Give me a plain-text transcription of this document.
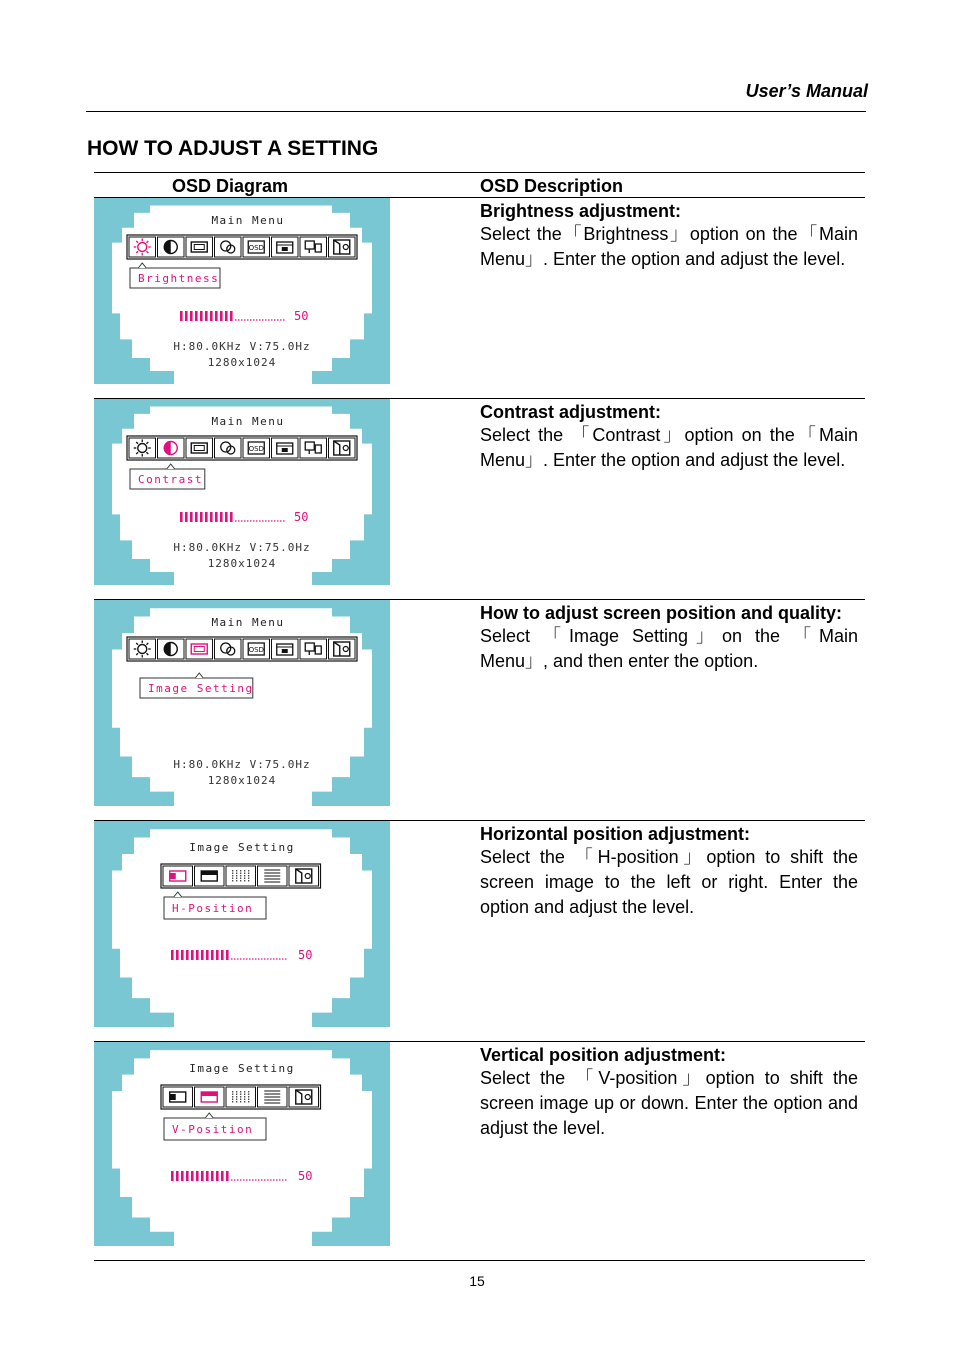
User’s Manual
HOW TO ADJUST A SETTING
OSD Diagram	OSD Description
Main Menu
OSD
Brightness
50
H:80.0KHz V:75.0Hz
1280x1024
Brightness adjustment:
Select the「Brightness」option on the「Main Menu」. Enter the option and adjust the level.
Main Menu
OSD
Contrast
50
H:80.0KHz V:75.0Hz
1280x1024
Contrast adjustment:
Select the 「Contrast」option on the「Main Menu」. Enter the option and adjust the level.
Main Menu
OSD
Image Setting
H:80.0KHz V:75.0Hz
1280x1024
How to adjust screen position and quality:
Select 「Image Setting」on the 「Main Menu」, and then enter the option.
Image Setting
H-Position
50
Horizontal position adjustment:
Select the 「H-position」option to shift the screen image to the left or right. Enter the option and adjust the level.
Image Setting
V-Position
50
Vertical position adjustment:
Select the 「V-position」option to shift the screen image up or down. Enter the option and adjust the level.
15
